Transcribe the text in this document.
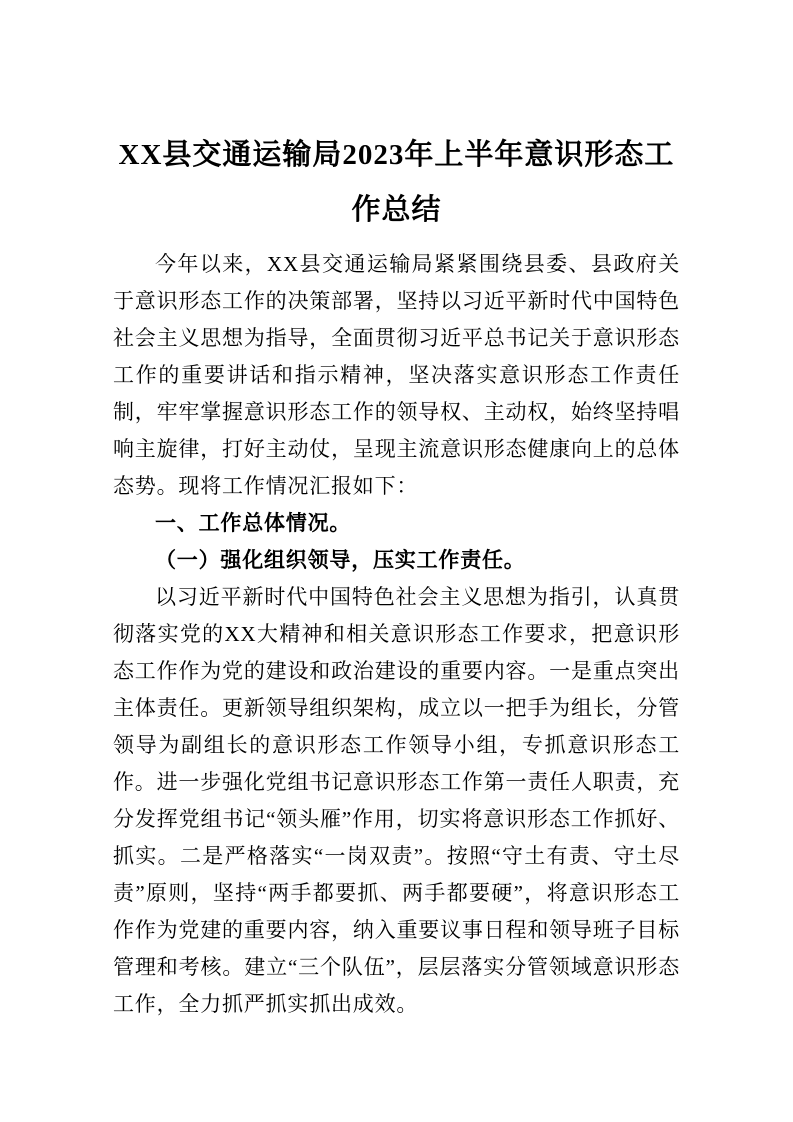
XX县交通运输局2023年上半年意识形态工作总结

今年以来，XX县交通运输局紧紧围绕县委、县政府关于意识形态工作的决策部署，坚持以习近平新时代中国特色社会主义思想为指导，全面贯彻习近平总书记关于意识形态工作的重要讲话和指示精神，坚决落实意识形态工作责任制，牢牢掌握意识形态工作的领导权、主动权，始终坚持唱响主旋律，打好主动仗，呈现主流意识形态健康向上的总体态势。现将工作情况汇报如下：

一、工作总体情况。

（一）强化组织领导，压实工作责任。

以习近平新时代中国特色社会主义思想为指引，认真贯彻落实党的XX大精神和相关意识形态工作要求，把意识形态工作作为党的建设和政治建设的重要内容。一是重点突出主体责任。更新领导组织架构，成立以一把手为组长，分管领导为副组长的意识形态工作领导小组，专抓意识形态工作。进一步强化党组书记意识形态工作第一责任人职责，充分发挥党组书记“领头雁”作用，切实将意识形态工作抓好、抓实。二是严格落实“一岗双责”。按照“守土有责、守土尽责”原则，坚持“两手都要抓、两手都要硬”，将意识形态工作作为党建的重要内容，纳入重要议事日程和领导班子目标管理和考核。建立“三个队伍”，层层落实分管领域意识形态工作，全力抓严抓实抓出成效。
